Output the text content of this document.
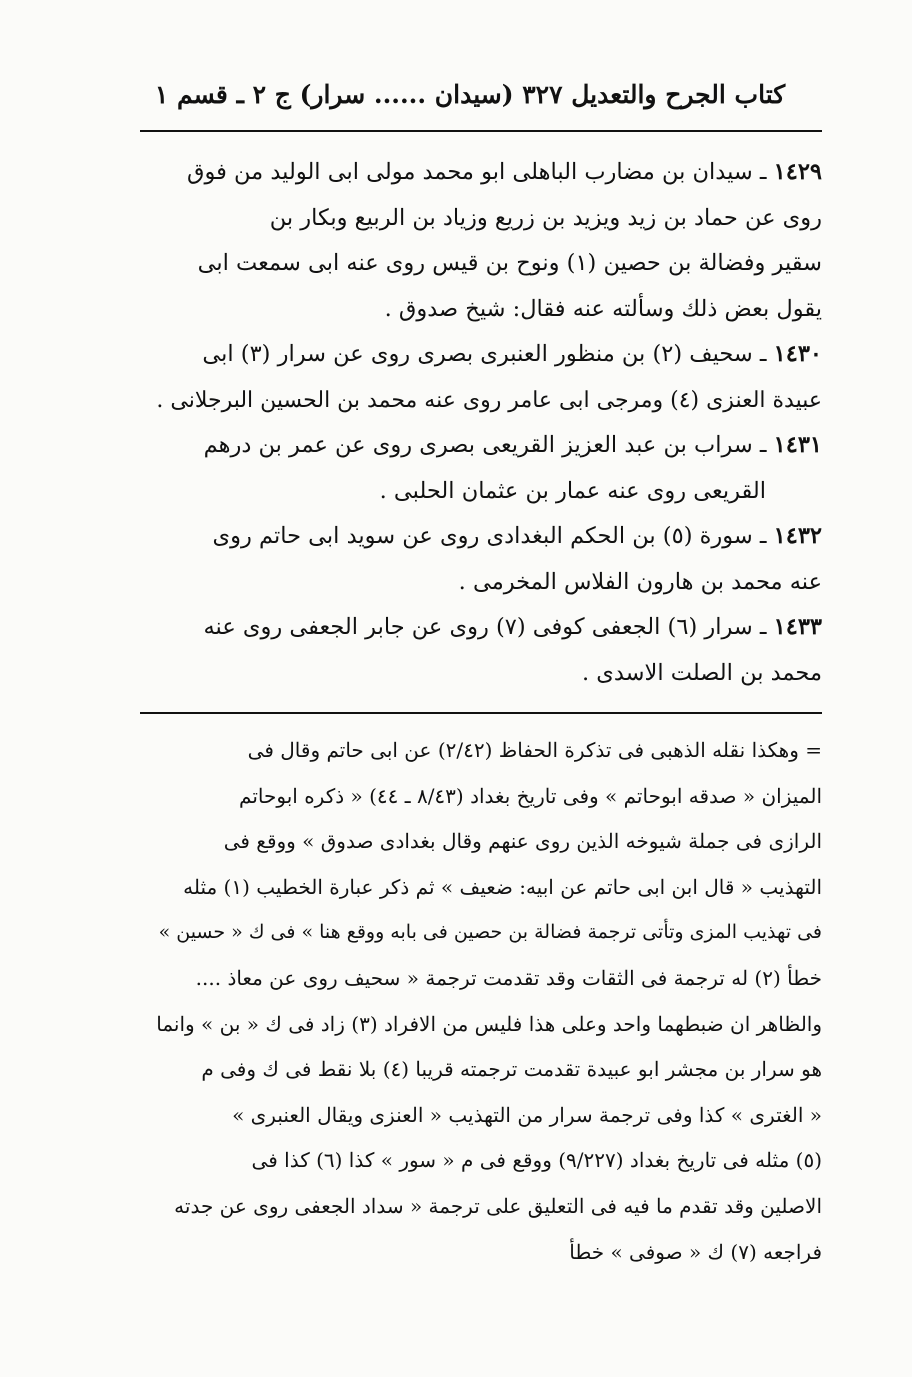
كتاب الجرح والتعديل ٣٢٧ (سيدان ...... سرار) ج ٢ ـ قسم ١
١٤٢٩ ـ سيدان بن مضارب الباهلى ابو محمد مولى ابى الوليد من فوق
روى عن حماد بن زيد ويزيد بن زريع وزياد بن الربيع وبكار بن
سقير وفضالة بن حصين (١) ونوح بن قيس روى عنه ابى سمعت ابى
يقول بعض ذلك وسألته عنه فقال: شيخ صدوق .
١٤٣٠ ـ سحيف (٢) بن منظور العنبرى بصرى روى عن سرار (٣) ابى
عبيدة العنزى (٤) ومرجى ابى عامر روى عنه محمد بن الحسين البرجلانى .
١٤٣١ ـ سراب بن عبد العزيز القريعى بصرى روى عن عمر بن درهم
القريعى روى عنه عمار بن عثمان الحلبى .
١٤٣٢ ـ سورة (٥) بن الحكم البغدادى روى عن سويد ابى حاتم روى
عنه محمد بن هارون الفلاس المخرمى .
١٤٣٣ ـ سرار (٦) الجعفى كوفى (٧) روى عن جابر الجعفى روى عنه
محمد بن الصلت الاسدى .
= وهكذا نقله الذهبى فى تذكرة الحفاظ (٢/٤٢) عن ابى حاتم وقال فى
الميزان « صدقه ابوحاتم » وفى تاريخ بغداد (٨/٤٣ ـ ٤٤) « ذكره ابوحاتم
الرازى فى جملة شيوخه الذين روى عنهم وقال بغدادى صدوق » ووقع فى
التهذيب « قال ابن ابى حاتم عن ابيه: ضعيف » ثم ذكر عبارة الخطيب (١) مثله
فى تهذيب المزى وتأتى ترجمة فضالة بن حصين فى بابه ووقع هنا » فى ك « حسين »
خطأ (٢) له ترجمة فى الثقات وقد تقدمت ترجمة « سحيف روى عن معاذ ....
والظاهر ان ضبطهما واحد وعلى هذا فليس من الافراد (٣) زاد فى ك « بن » وانما
هو سرار بن مجشر ابو عبيدة تقدمت ترجمته قريبا (٤) بلا نقط فى ك وفى م
« الغترى » كذا وفى ترجمة سرار من التهذيب « العنزى ويقال العنبرى »
(٥) مثله فى تاريخ بغداد (٩/٢٢٧) ووقع فى م « سور » كذا (٦) كذا فى
الاصلين وقد تقدم ما فيه فى التعليق على ترجمة « سداد الجعفى روى عن جدته
فراجعه (٧) ك « صوفى » خطأ
